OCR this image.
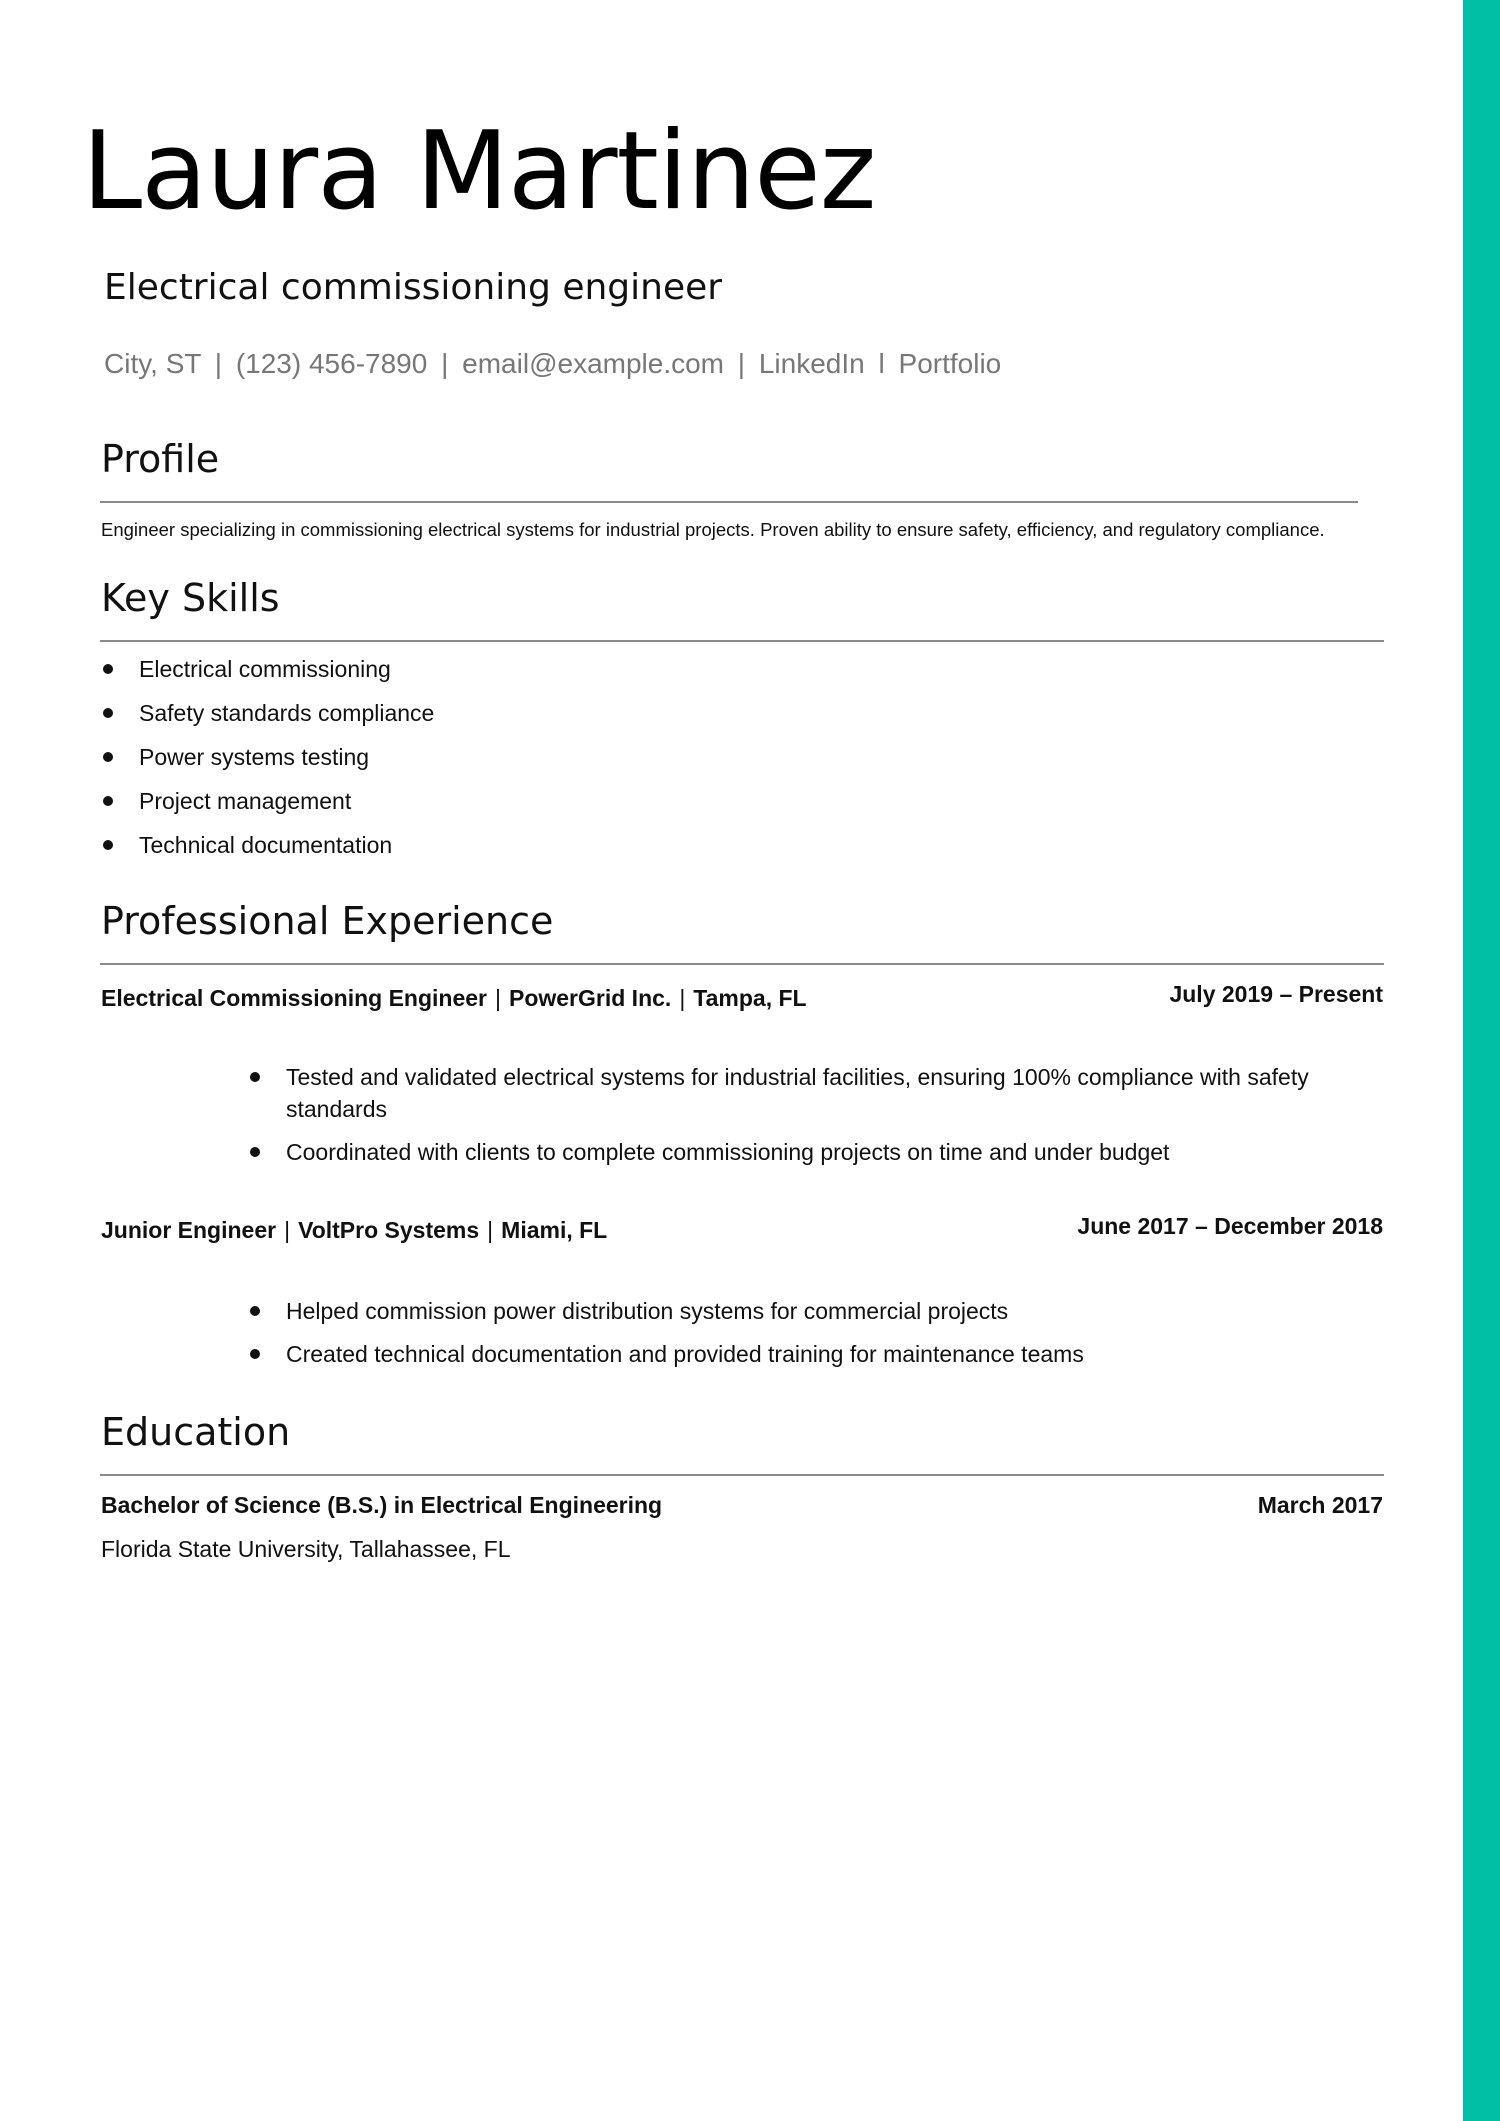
Laura Martinez
Electrical commissioning engineer
City, ST | (123) 456-7890 | email@example.com | LinkedIn l Portfolio
Profile
Engineer specializing in commissioning electrical systems for industrial projects. Proven ability to ensure safety, efficiency, and regulatory compliance.
Key Skills
Electrical commissioning
Safety standards compliance
Power systems testing
Project management
Technical documentation
Professional Experience
Electrical Commissioning Engineer | PowerGrid Inc. | Tampa, FL	July 2019 – Present
Tested and validated electrical systems for industrial facilities, ensuring 100% compliance with safety standards
Coordinated with clients to complete commissioning projects on time and under budget
Junior Engineer | VoltPro Systems | Miami, FL	June 2017 – December 2018
Helped commission power distribution systems for commercial projects
Created technical documentation and provided training for maintenance teams
Education
Bachelor of Science (B.S.) in Electrical Engineering	March 2017
Florida State University, Tallahassee, FL
